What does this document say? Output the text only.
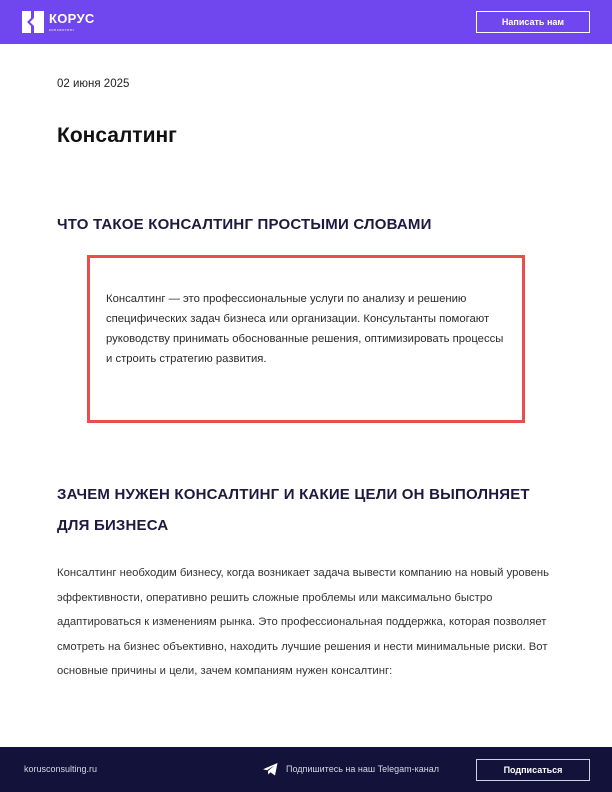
КОРУС
консалтинг
Написать нам
02 июня 2025
Консалтинг
ЧТО ТАКОЕ КОНСАЛТИНГ ПРОСТЫМИ СЛОВАМИ

Консалтинг — это профессиональные услуги по анализу и решению специфических задач бизнеса или организации. Консультанты помогают руководству принимать обоснованные решения, оптимизировать процессы и строить стратегию развития.

ЗАЧЕМ НУЖЕН КОНСАЛТИНГ И КАКИЕ ЦЕЛИ ОН ВЫПОЛНЯЕТ ДЛЯ БИЗНЕСА

Консалтинг необходим бизнесу, когда возникает задача вывести компанию на новый уровень эффективности, оперативно решить сложные проблемы или максимально быстро адаптироваться к изменениям рынка. Это профессиональная поддержка, которая позволяет смотреть на бизнес объективно, находить лучшие решения и нести минимальные риски. Вот основные причины и цели, зачем компаниям нужен консалтинг:

korusconsulting.ru	Подпишитесь на наш Telegam-канал	Подписаться
